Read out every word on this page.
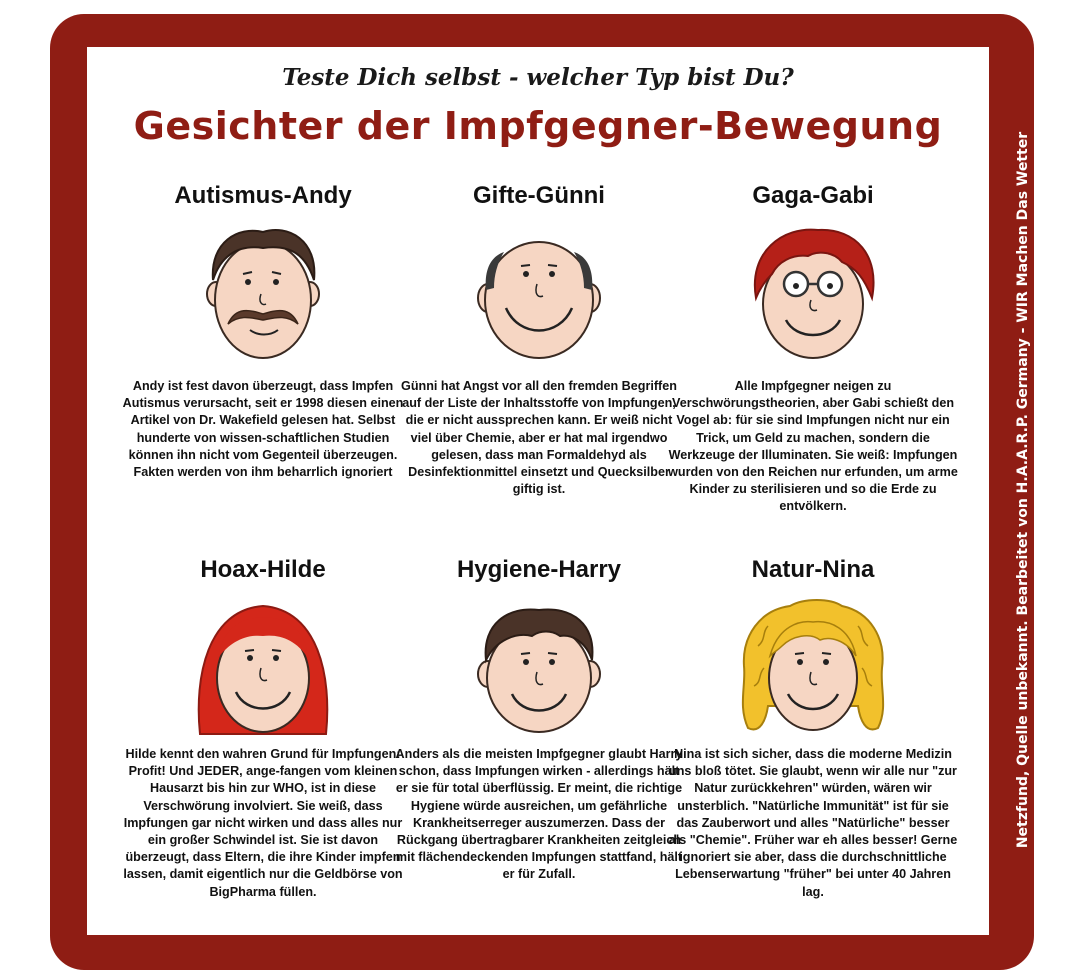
Teste Dich selbst - welcher Typ bist Du?
Gesichter der Impfgegner-Bewegung
Netzfund, Quelle unbekannt. Bearbeitet von H.A.A.R.P. Germany - WIR Machen Das Wetter
Autismus-Andy
Andy ist fest davon überzeugt, dass Impfen Autismus verursacht, seit er 1998 diesen einen Artikel von Dr. Wakefield gelesen hat. Selbst hunderte von wissen-schaftlichen Studien können ihn nicht vom Gegenteil überzeugen. Fakten werden von ihm beharrlich ignoriert
Gifte-Günni
Günni hat Angst vor all den fremden Begriffen auf der Liste der Inhaltsstoffe von Impfungen, die er nicht aussprechen kann. Er weiß nicht viel über Chemie, aber er hat mal irgendwo gelesen, dass man Formaldehyd als Desinfektionmittel einsetzt und Quecksilber giftig ist.
Gaga-Gabi
Alle Impfgegner neigen zu Verschwörungstheorien, aber Gabi schießt den Vogel ab: für sie sind Impfungen nicht nur ein Trick, um Geld zu machen, sondern die Werkzeuge der Illuminaten. Sie weiß: Impfungen wurden von den Reichen nur erfunden, um arme Kinder zu sterilisieren und so die Erde zu entvölkern.
Hoax-Hilde
Hilde kennt den wahren Grund für Impfungen: Profit! Und JEDER, ange-fangen vom kleinen Hausarzt bis hin zur WHO, ist in diese Verschwörung involviert. Sie weiß, dass Impfungen gar nicht wirken und dass alles nur ein großer Schwindel ist. Sie ist davon überzeugt, dass Eltern, die ihre Kinder impfen lassen, damit eigentlich nur die Geldbörse von BigPharma füllen.
Hygiene-Harry
Anders als die meisten Impfgegner glaubt Harry schon, dass Impfungen wirken - allerdings hält er sie für total überflüssig. Er meint, die richtige Hygiene würde ausreichen, um gefährliche Krankheitserreger auszumerzen. Dass der Rückgang übertragbarer Krankheiten zeitgleich mit flächendeckenden Impfungen stattfand, hält er für Zufall.
Natur-Nina
Nina ist sich sicher, dass die moderne Medizin uns bloß tötet. Sie glaubt, wenn wir alle nur "zur Natur zurückkehren" würden, wären wir unsterblich. "Natürliche Immunität" ist für sie das Zauberwort und alles "Natürliche" besser als "Chemie". Früher war eh alles besser! Gerne ignoriert sie aber, dass die durchschnittliche Lebenserwartung "früher" bei unter 40 Jahren lag.
